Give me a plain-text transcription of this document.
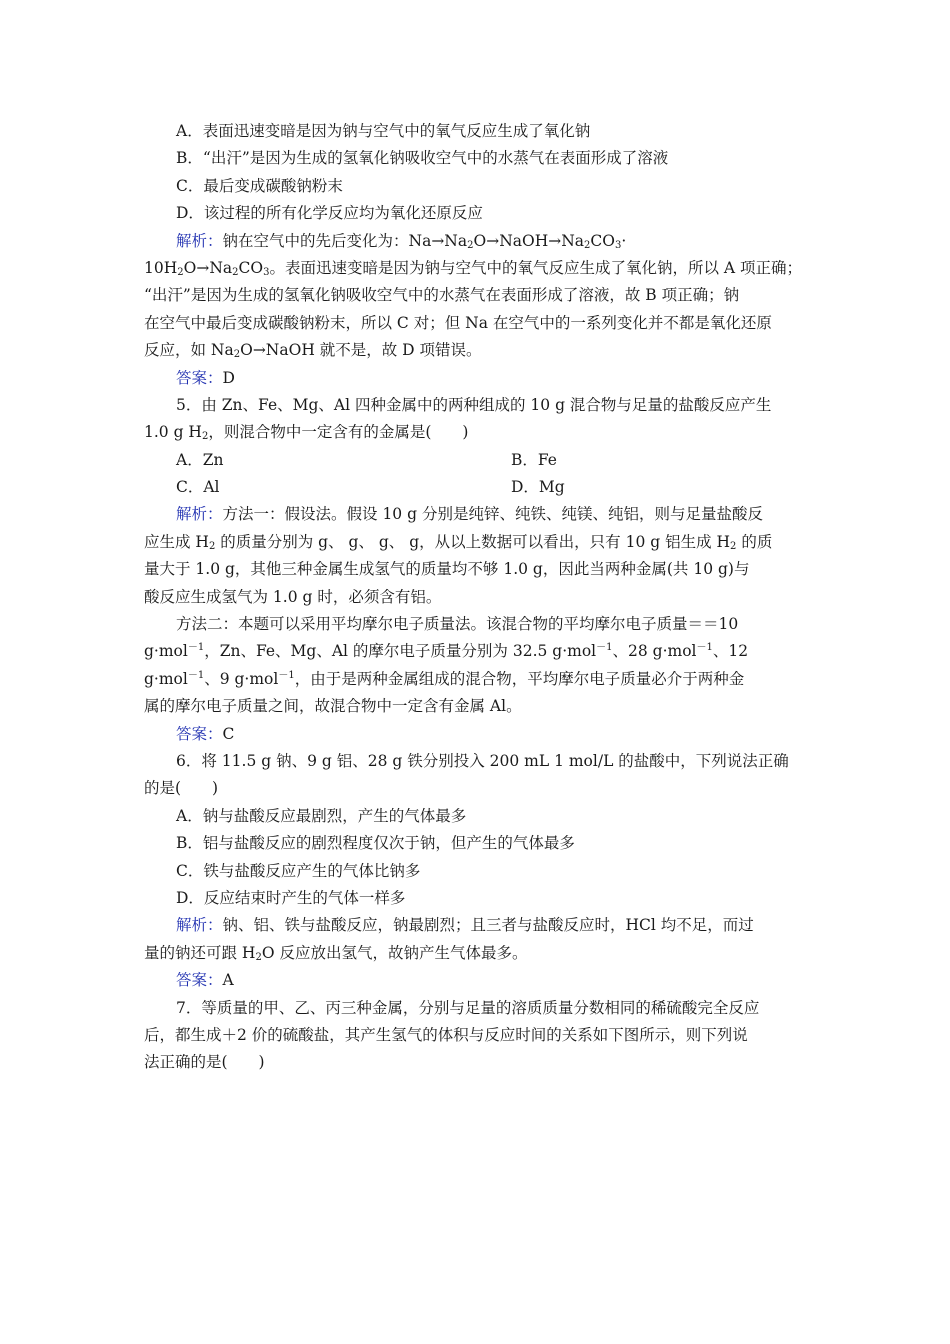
A．表面迅速变暗是因为钠与空气中的氧气反应生成了氧化钠
B．“出汗”是因为生成的氢氧化钠吸收空气中的水蒸气在表面形成了溶液
C．最后变成碳酸钠粉末
D．该过程的所有化学反应均为氧化还原反应
解析：钠在空气中的先后变化为：$Na\to Na_2O\to NaOH\to Na_2CO_3\cdot$
$10H_2O\to Na_2CO_3$。表面迅速变暗是因为钠与空气中的氧气反应生成了氧化钠，所以 A 项正确；
“出汗”是因为生成的氢氧化钠吸收空气中的水蒸气在表面形成了溶液，故 B 项正确；钠
在空气中最后变成碳酸钠粉末，所以 C 对；但 Na 在空气中的一系列变化并不都是氧化还原
反应，如 $Na_2O\to NaOH$ 就不是，故 D 项错误。
答案：D
5．由 Zn、Fe、Mg、Al 四种金属中的两种组成的 10 g 混合物与足量的盐酸反应产生
1.0 g $H_2$，则混合物中一定含有的金属是(　　)
A．Zn	B．Fe
C．Al	D．Mg
解析：方法一：假设法。假设 10 g 分别是纯锌、纯铁、纯镁、纯铝，则与足量盐酸反
应生成 $H_2$ 的质量分别为 g、 g、 g、 g，从以上数据可以看出，只有 10 g 铝生成 $H_2$ 的质
量大于 1.0 g，其他三种金属生成氢气的质量均不够 1.0 g，因此当两种金属(共 10 g)与
酸反应生成氢气为 1.0 g 时，必须含有铝。
方法二：本题可以采用平均摩尔电子质量法。该混合物的平均摩尔电子质量＝＝10
g·mol$^{-1}$，Zn、Fe、Mg、Al 的摩尔电子质量分别为 32.5 g·mol$^{-1}$、28 g·mol$^{-1}$、12
g·mol$^{-1}$、9 g·mol$^{-1}$，由于是两种金属组成的混合物，平均摩尔电子质量必介于两种金
属的摩尔电子质量之间，故混合物中一定含有金属 Al。
答案：C
6．将 11.5 g 钠、9 g 铝、28 g 铁分别投入 200 mL 1 mol/L 的盐酸中，下列说法正确
的是(　　)
A．钠与盐酸反应最剧烈，产生的气体最多
B．铝与盐酸反应的剧烈程度仅次于钠，但产生的气体最多
C．铁与盐酸反应产生的气体比钠多
D．反应结束时产生的气体一样多
解析：钠、铝、铁与盐酸反应，钠最剧烈；且三者与盐酸反应时，HCl 均不足，而过
量的钠还可跟 $H_2O$ 反应放出氢气，故钠产生气体最多。
答案：A
7．等质量的甲、乙、丙三种金属，分别与足量的溶质质量分数相同的稀硫酸完全反应
后，都生成＋2 价的硫酸盐，其产生氢气的体积与反应时间的关系如下图所示，则下列说
法正确的是(　　)
